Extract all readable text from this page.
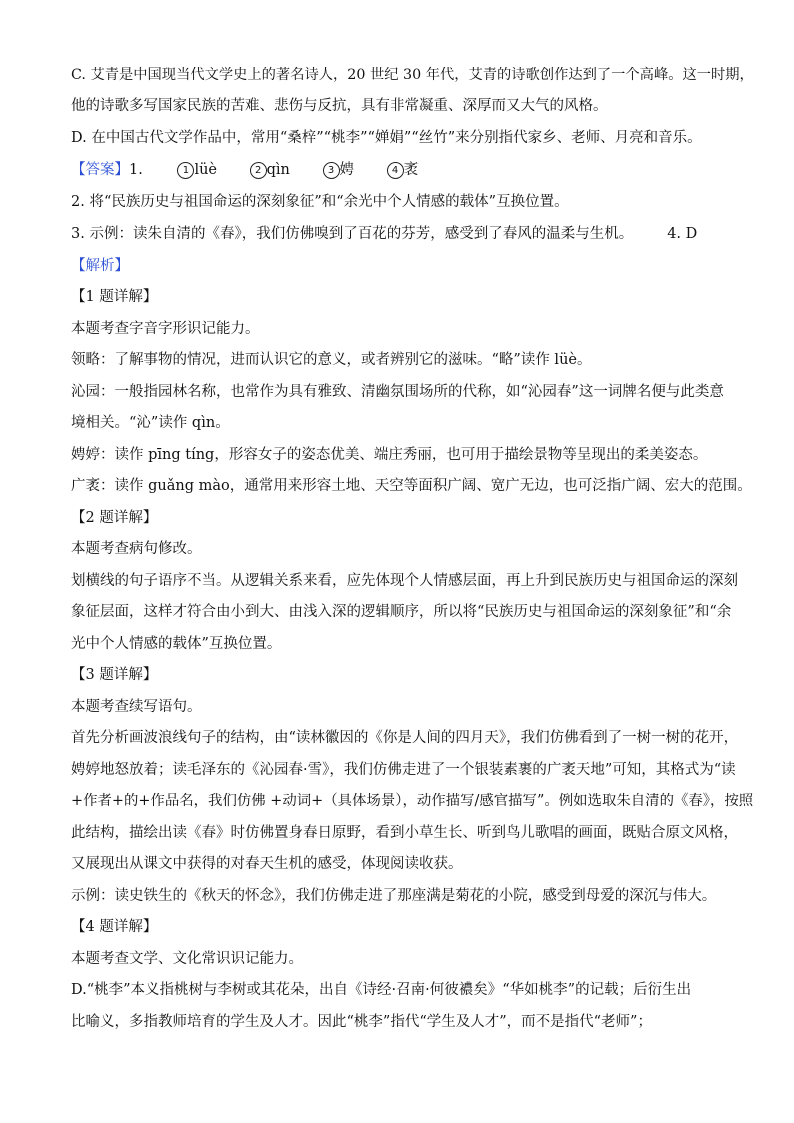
C. 艾青是中国现当代文学史上的著名诗人，20 世纪 30 年代，艾青的诗歌创作达到了一个高峰。这一时期，
他的诗歌多写国家民族的苦难、悲伤与反抗，具有非常凝重、深厚而又大气的风格。
D. 在中国古代文学作品中，常用“桑梓”“桃李”“婵娟”“丝竹”来分别指代家乡、老师、月亮和音乐。
【答案】1.	1 lüè	2 qìn	3 娉	4 袤
2. 将“民族历史与祖国命运的深刻象征”和“余光中个人情感的载体”互换位置。
3. 示例：读朱自清的《春》，我们仿佛嗅到了百花的芬芳，感受到了春风的温柔与生机。 4. D
【解析】
【1 题详解】
本题考查字音字形识记能力。
领略：了解事物的情况，进而认识它的意义，或者辨别它的滋味。“略”读作 lüè。
沁园：一般指园林名称，也常作为具有雅致、清幽氛围场所的代称，如“沁园春”这一词牌名便与此类意
境相关。“沁”读作 qìn。
娉婷：读作 pīng tíng，形容女子的姿态优美、端庄秀丽，也可用于描绘景物等呈现出的柔美姿态。
广袤：读作 guǎng mào，通常用来形容土地、天空等面积广阔、宽广无边，也可泛指广阔、宏大的范围。
【2 题详解】
本题考查病句修改。
划横线的句子语序不当。从逻辑关系来看，应先体现个人情感层面，再上升到民族历史与祖国命运的深刻
象征层面，这样才符合由小到大、由浅入深的逻辑顺序，所以将“民族历史与祖国命运的深刻象征”和“余
光中个人情感的载体”互换位置。
【3 题详解】
本题考查续写语句。
首先分析画波浪线句子的结构，由“读林徽因的《你是人间的四月天》，我们仿佛看到了一树一树的花开，
娉婷地怒放着；读毛泽东的《沁园春·雪》，我们仿佛走进了一个银装素裹的广袤天地”可知，其格式为“读
+作者+的+作品名，我们仿佛 +动词+（具体场景），动作描写/感官描写”。例如选取朱自清的《春》，按照
此结构，描绘出读《春》时仿佛置身春日原野，看到小草生长、听到鸟儿歌唱的画面，既贴合原文风格，
又展现出从课文中获得的对春天生机的感受，体现阅读收获。
示例：读史铁生的《秋天的怀念》，我们仿佛走进了那座满是菊花的小院，感受到母爱的深沉与伟大。
【4 题详解】
本题考查文学、文化常识识记能力。
D.“桃李”本义指桃树与李树或其花朵，出自《诗经·召南·何彼襛矣》“华如桃李”的记载；后衍生出
比喻义，多指教师培育的学生及人才。因此“桃李”指代“学生及人才”，而不是指代“老师”；
